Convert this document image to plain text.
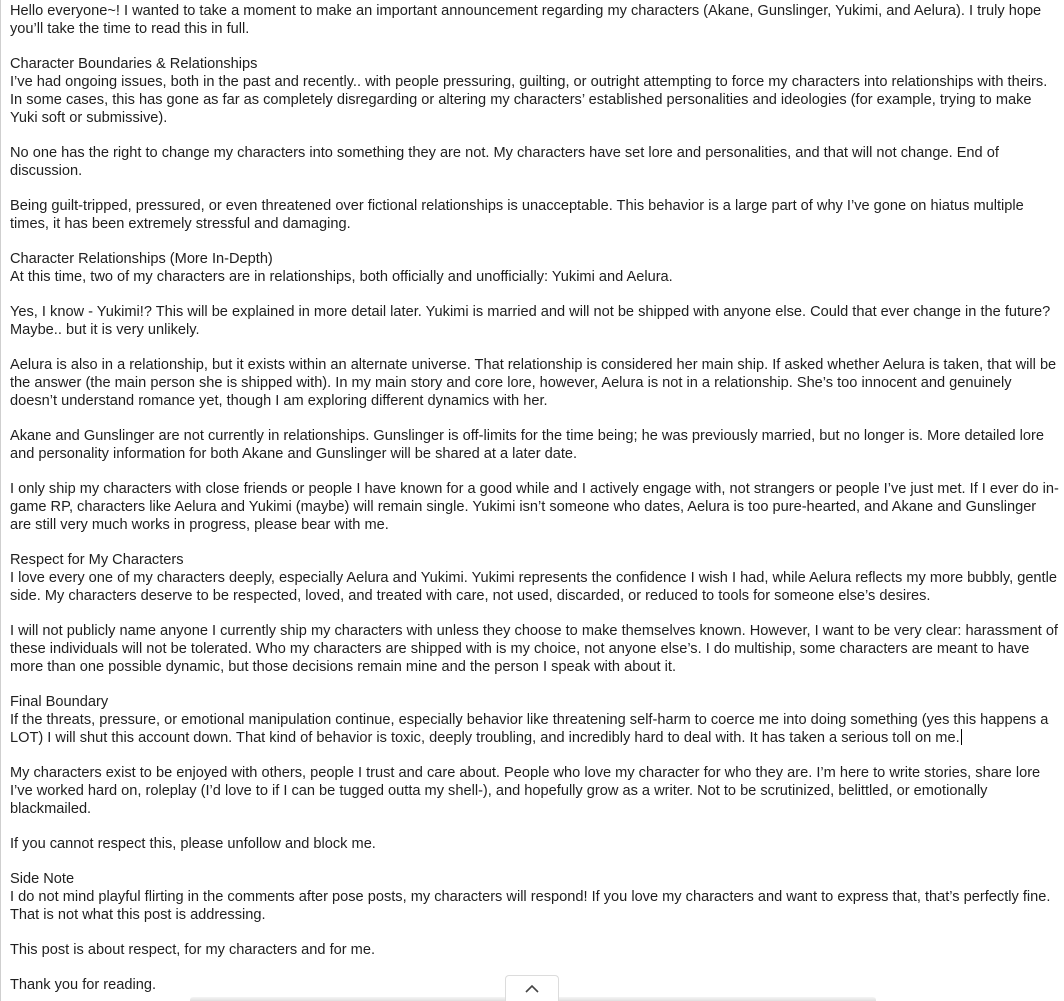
Hello everyone~! I wanted to take a moment to make an important announcement regarding my characters (Akane, Gunslinger, Yukimi, and Aelura). I truly hope you’ll take the time to read this in full.
Character Boundaries & Relationships
I’ve had ongoing issues, both in the past and recently.. with people pressuring, guilting, or outright attempting to force my characters into relationships with theirs. In some cases, this has gone as far as completely disregarding or altering my characters’ established personalities and ideologies (for example, trying to make Yuki soft or submissive).
No one has the right to change my characters into something they are not. My characters have set lore and personalities, and that will not change. End of discussion.
Being guilt-tripped, pressured, or even threatened over fictional relationships is unacceptable. This behavior is a large part of why I’ve gone on hiatus multiple times, it has been extremely stressful and damaging.
Character Relationships (More In-Depth)
At this time, two of my characters are in relationships, both officially and unofficially: Yukimi and Aelura.
Yes, I know - Yukimi!? This will be explained in more detail later. Yukimi is married and will not be shipped with anyone else. Could that ever change in the future? Maybe.. but it is very unlikely.
Aelura is also in a relationship, but it exists within an alternate universe. That relationship is considered her main ship. If asked whether Aelura is taken, that will be the answer (the main person she is shipped with). In my main story and core lore, however, Aelura is not in a relationship. She’s too innocent and genuinely doesn’t understand romance yet, though I am exploring different dynamics with her.
Akane and Gunslinger are not currently in relationships. Gunslinger is off-limits for the time being; he was previously married, but no longer is. More detailed lore and personality information for both Akane and Gunslinger will be shared at a later date.
I only ship my characters with close friends or people I have known for a good while and I actively engage with, not strangers or people I’ve just met. If I ever do in-game RP, characters like Aelura and Yukimi (maybe) will remain single. Yukimi isn’t someone who dates, Aelura is too pure-hearted, and Akane and Gunslinger are still very much works in progress, please bear with me.
Respect for My Characters
I love every one of my characters deeply, especially Aelura and Yukimi. Yukimi represents the confidence I wish I had, while Aelura reflects my more bubbly, gentle side. My characters deserve to be respected, loved, and treated with care, not used, discarded, or reduced to tools for someone else’s desires.
I will not publicly name anyone I currently ship my characters with unless they choose to make themselves known. However, I want to be very clear: harassment of these individuals will not be tolerated. Who my characters are shipped with is my choice, not anyone else’s. I do multiship, some characters are meant to have more than one possible dynamic, but those decisions remain mine and the person I speak with about it.
Final Boundary
If the threats, pressure, or emotional manipulation continue, especially behavior like threatening self-harm to coerce me into doing something (yes this happens a LOT) I will shut this account down. That kind of behavior is toxic, deeply troubling, and incredibly hard to deal with. It has taken a serious toll on me.
My characters exist to be enjoyed with others, people I trust and care about. People who love my character for who they are. I’m here to write stories, share lore I’ve worked hard on, roleplay (I’d love to if I can be tugged outta my shell-), and hopefully grow as a writer. Not to be scrutinized, belittled, or emotionally blackmailed.
If you cannot respect this, please unfollow and block me.
Side Note
I do not mind playful flirting in the comments after pose posts, my characters will respond! If you love my characters and want to express that, that’s perfectly fine. That is not what this post is addressing.
This post is about respect, for my characters and for me.
Thank you for reading.
